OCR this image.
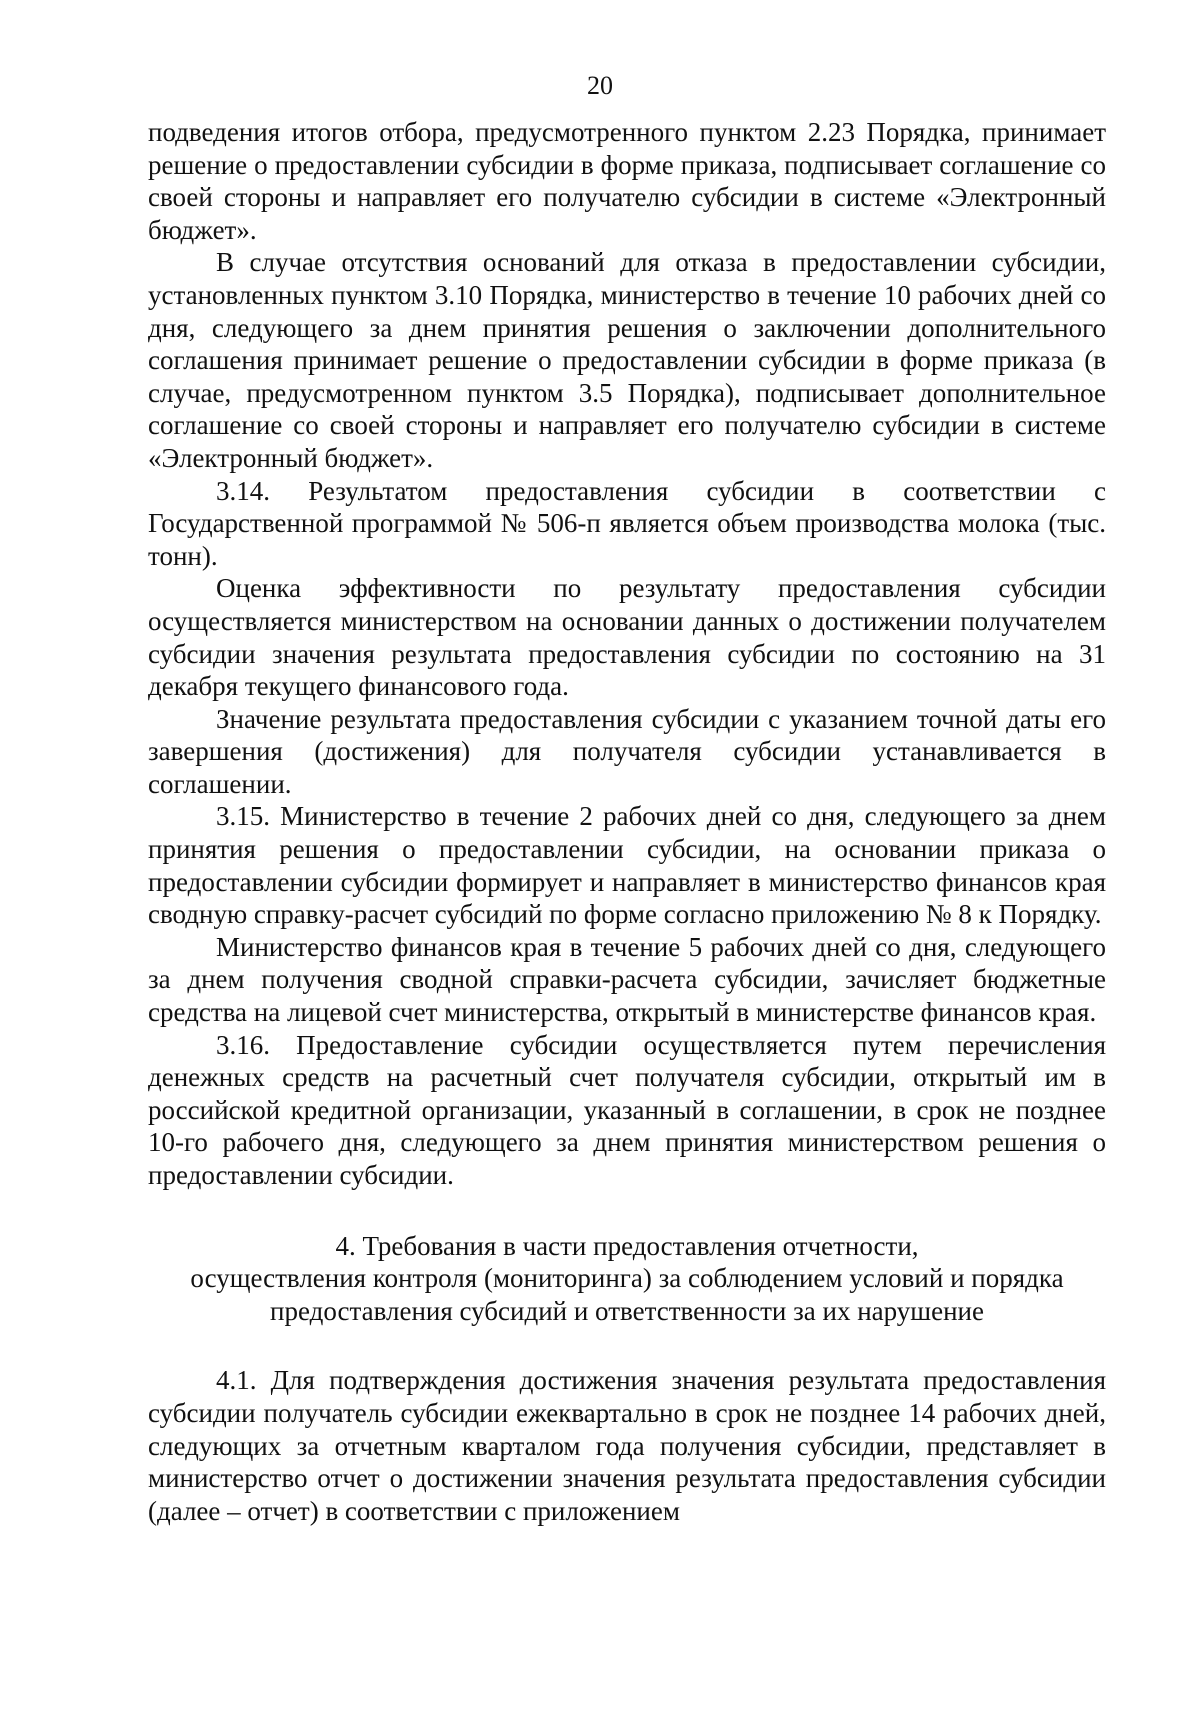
20

подведения итогов отбора, предусмотренного пунктом 2.23 Порядка, принимает решение о предоставлении субсидии в форме приказа, подписывает соглашение со своей стороны и направляет его получателю субсидии в системе «Электронный бюджет».

В случае отсутствия оснований для отказа в предоставлении субсидии, установленных пунктом 3.10 Порядка, министерство в течение 10 рабочих дней со дня, следующего за днем принятия решения о заключении дополнительного соглашения принимает решение о предоставлении субсидии в форме приказа (в случае, предусмотренном пунктом 3.5 Порядка), подписывает дополнительное соглашение со своей стороны и направляет его получателю субсидии в системе «Электронный бюджет».

3.14. Результатом предоставления субсидии в соответствии с Государственной программой № 506-п является объем производства молока (тыс. тонн).

Оценка эффективности по результату предоставления субсидии осуществляется министерством на основании данных о достижении получателем субсидии значения результата предоставления субсидии по состоянию на 31 декабря текущего финансового года.

Значение результата предоставления субсидии с указанием точной даты его завершения (достижения) для получателя субсидии устанавливается в соглашении.

3.15. Министерство в течение 2 рабочих дней со дня, следующего за днем принятия решения о предоставлении субсидии, на основании приказа о предоставлении субсидии формирует и направляет в министерство финансов края сводную справку-расчет субсидий по форме согласно приложению № 8 к Порядку.

Министерство финансов края в течение 5 рабочих дней со дня, следующего за днем получения сводной справки-расчета субсидии, зачисляет бюджетные средства на лицевой счет министерства, открытый в министерстве финансов края.

3.16. Предоставление субсидии осуществляется путем перечисления денежных средств на расчетный счет получателя субсидии, открытый им в российской кредитной организации, указанный в соглашении, в срок не позднее 10-го рабочего дня, следующего за днем принятия министерством решения о предоставлении субсидии.

4. Требования в части предоставления отчетности,
осуществления контроля (мониторинга) за соблюдением условий и порядка
предоставления субсидий и ответственности за их нарушение

4.1. Для подтверждения достижения значения результата предоставления субсидии получатель субсидии ежеквартально в срок не позднее 14 рабочих дней, следующих за отчетным кварталом года получения субсидии, представляет в министерство отчет о достижении значения результата предоставления субсидии (далее – отчет) в соответствии с приложением
